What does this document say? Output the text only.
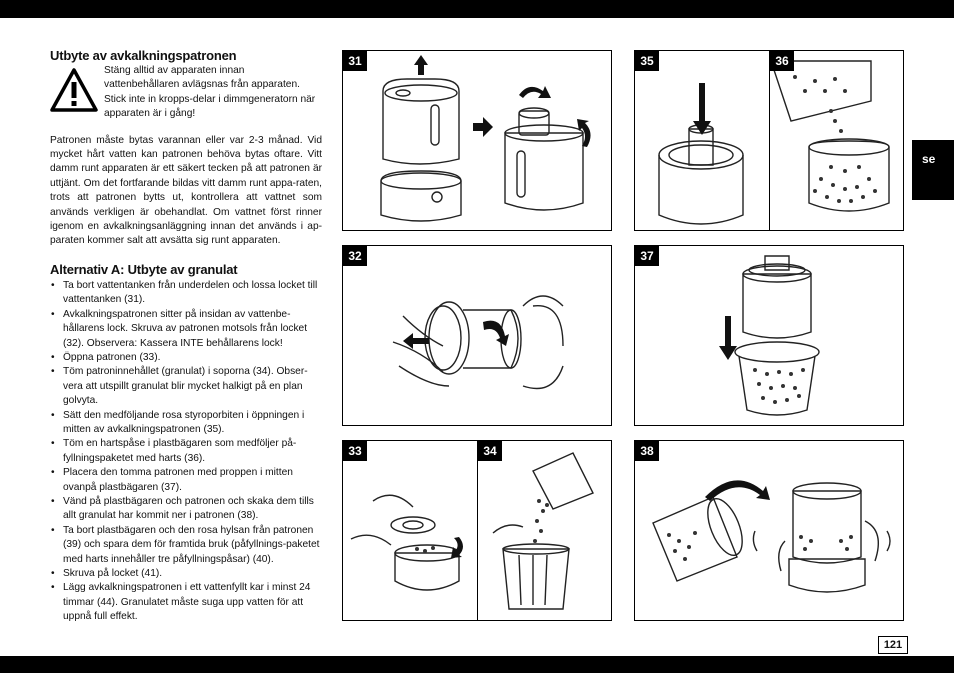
Utbyte av avkalkningspatronen

Stäng alltid av apparaten innan vattenbehållaren avlägsnas från apparaten. Stick inte in kropps-delar i dimmgeneratorn när apparaten är i gång!

Patronen måste bytas varannan eller var 2-3 månad. Vid mycket hårt vatten kan patronen behöva bytas oftare. Vitt damm runt apparaten är ett säkert tecken på att patronen är uttjänt. Om det fortfarande bildas vitt damm runt appa-raten, trots att patronen bytts ut, kontrollera att vattnet som används verkligen är obehandlat. Om vattnet först rinner igenom en avkalkningsanläggning innan det används i ap-paraten kommer salt att avsätta sig runt apparaten.

Alternativ A: Utbyte av granulat
• Ta bort vattentanken från underdelen och lossa locket till vattentanken (31).
• Avkalkningspatronen sitter på insidan av vattenbe-hållarens lock. Skruva av patronen motsols från locket (32). Observera: Kassera INTE behållarens lock!
• Öppna patronen (33).
• Töm patroninnehållet (granulat) i soporna (34). Obser-vera att utspillt granulat blir mycket halkigt på en plan golvyta.
• Sätt den medföljande rosa styroporbiten i öppningen i mitten av avkalkningspatronen (35).
• Töm en hartspåse i plastbägaren som medföljer på-fyllningspaketet med harts (36).
• Placera den tomma patronen med proppen i mitten ovanpå plastbägaren (37).
• Vänd på plastbägaren och patronen och skaka dem tills allt granulat har kommit ner i patronen (38).
• Ta bort plastbägaren och den rosa hylsan från patronen (39) och spara dem för framtida bruk (påfyllnings-paketet med harts innehåller tre påfyllningspåsar) (40).
• Skruva på locket (41).
• Lägg avkalkningspatronen i ett vattenfyllt kar i minst 24 timmar (44). Granulatet måste suga upp vatten för att uppnå full effekt.
31
32
33	34
35	36
37
38
se
121
